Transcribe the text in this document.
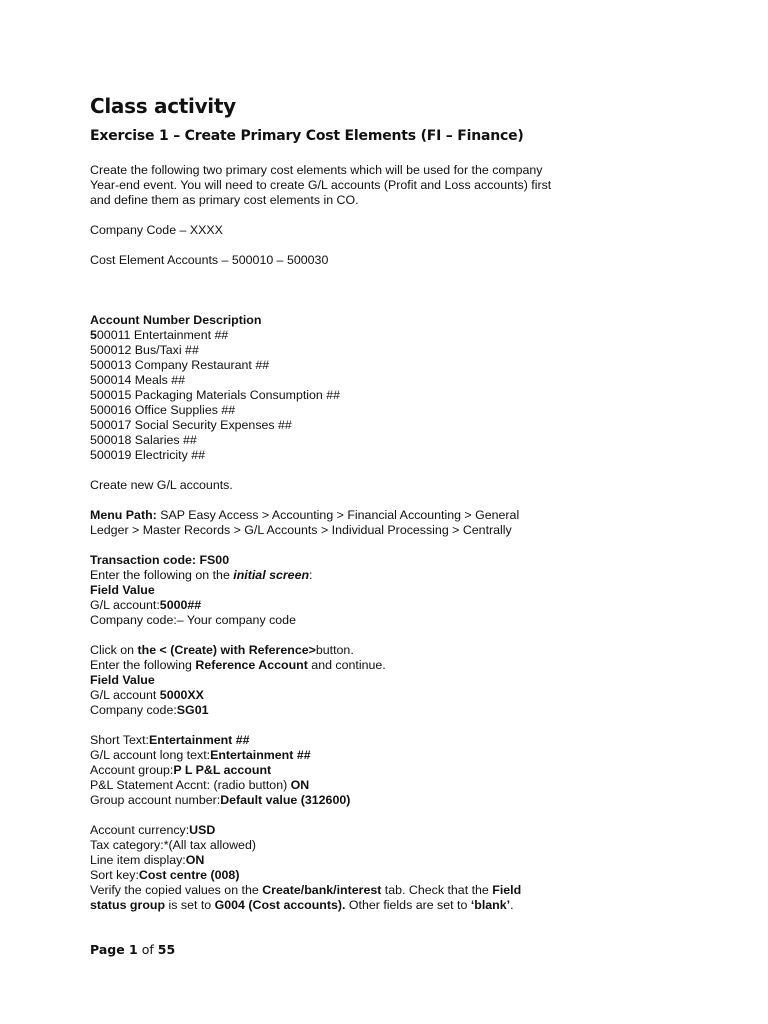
Class activity
Exercise 1 – Create Primary Cost Elements (FI – Finance)
Create the following two primary cost elements which will be used for the company
Year-end event. You will need to create G/L accounts (Profit and Loss accounts) first
and define them as primary cost elements in CO.
Company Code – XXXX
Cost Element Accounts – 500010 – 500030
Account Number Description
500011 Entertainment ##
500012 Bus/Taxi ##
500013 Company Restaurant ##
500014 Meals ##
500015 Packaging Materials Consumption ##
500016 Office Supplies ##
500017 Social Security Expenses ##
500018 Salaries ##
500019 Electricity ##
Create new G/L accounts.
Menu Path: SAP Easy Access > Accounting > Financial Accounting > General
Ledger > Master Records > G/L Accounts > Individual Processing > Centrally
Transaction code: FS00
Enter the following on the initial screen:
Field Value
G/L account:5000##
Company code:– Your company code
Click on the < (Create) with Reference>button.
Enter the following Reference Account and continue.
Field Value
G/L account 5000XX
Company code:SG01
Short Text:Entertainment ##
G/L account long text:Entertainment ##
Account group:P L P&L account
P&L Statement Accnt: (radio button) ON
Group account number:Default value (312600)
Account currency:USD
Tax category:*(All tax allowed)
Line item display:ON
Sort key:Cost centre (008)
Verify the copied values on the Create/bank/interest tab. Check that the Field
status group is set to G004 (Cost accounts). Other fields are set to ‘blank’.
Page 1 of 55
